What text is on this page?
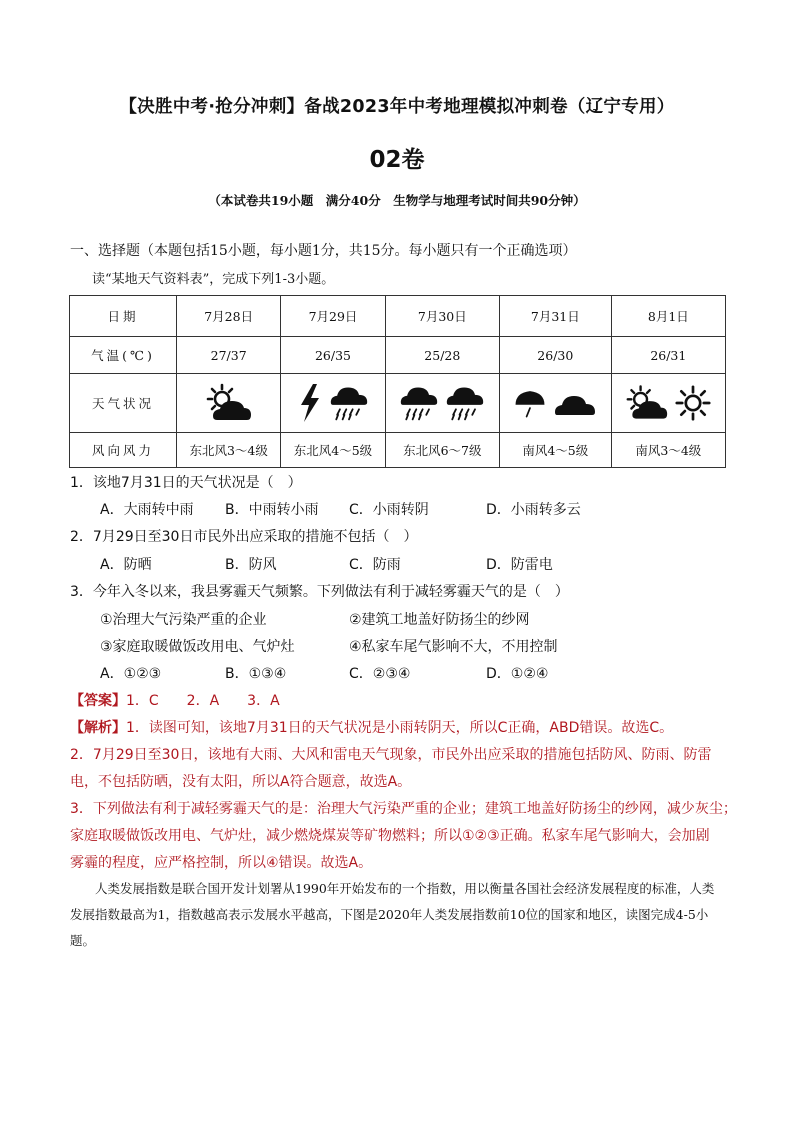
【决胜中考·抢分冲刺】备战2023年中考地理模拟冲刺卷（辽宁专用）
02卷
（本试卷共19小题　满分40分　生物学与地理考试时间共90分钟）
一、选择题（本题包括15小题，每小题1分，共15分。每小题只有一个正确选项）
读“某地天气资料表”，完成下列1-3小题。
日期	7月28日	7月29日	7月30日	7月31日	8月1日
气温(℃)	27/37	26/35	25/28	26/30	26/31
天气状况	

风向风力	东北风3～4级	东北风4～5级	东北风6～7级	南风4～5级	南风3～4级
1．该地7月31日的天气状况是（　）
A．大雨转中雨 B．中雨转小雨 C．小雨转阴	D．小雨转多云
2．7月29日至30日市民外出应采取的措施不包括（　）
A．防晒	B．防风	C．防雨	D．防雷电
3．今年入冬以来，我县雾霾天气频繁。下列做法有利于减轻雾霾天气的是（　）
①治理大气污染严重的企业	②建筑工地盖好防扬尘的纱网
③家庭取暖做饭改用电、气炉灶	④私家车尾气影响不大，不用控制
A．①②③	B．①③④	C．②③④	D．①②④
【答案】1．C　　2．A　　3．A
【解析】1．读图可知，该地7月31日的天气状况是小雨转阴天，所以C正确，ABD错误。故选C。
2．7月29日至30日，该地有大雨、大风和雷电天气现象，市民外出应采取的措施包括防风、防雨、防雷
电，不包括防晒，没有太阳，所以A符合题意，故选A。
3．下列做法有利于减轻雾霾天气的是：治理大气污染严重的企业；建筑工地盖好防扬尘的纱网，减少灰尘；
家庭取暖做饭改用电、气炉灶，减少燃烧煤炭等矿物燃料；所以①②③正确。私家车尾气影响大，会加剧
雾霾的程度，应严格控制，所以④错误。故选A。
人类发展指数是联合国开发计划署从1990年开始发布的一个指数，用以衡量各国社会经济发展程度的标准，人类发展指数最高为1，指数越高表示发展水平越高，下图是2020年人类发展指数前10位的国家和地区，读图完成4-5小题。
